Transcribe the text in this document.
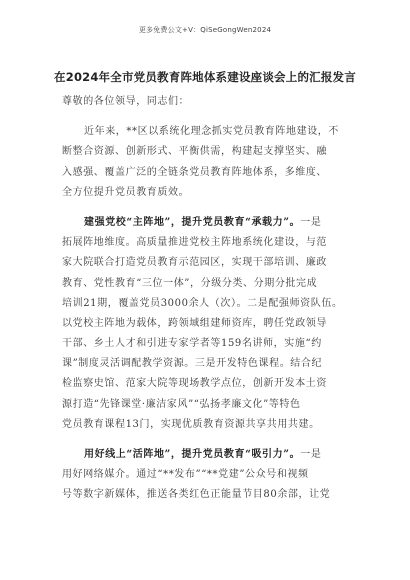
更多免费公文+V：QiSeGongWen2024
在2024年全市党员教育阵地体系建设座谈会上的汇报发言
尊敬的各位领导，同志们：
近年来，**区以系统化理念抓实党员教育阵地建设，不
断整合资源、创新形式、平衡供需，构建起支撑坚实、融
入感强、覆盖广泛的全链条党员教育阵地体系，多维度、
全方位提升党员教育质效。
建强党校“主阵地”，提升党员教育“承载力”。一是
拓展阵地维度。高质量推进党校主阵地系统化建设，与范
家大院联合打造党员教育示范园区，实现干部培训、廉政
教育、党性教育“三位一体”，分级分类、分期分批完成
培训21期，覆盖党员3000余人（次）。二是配强师资队伍。
以党校主阵地为载体，跨领域组建师资库，聘任党政领导
干部、乡土人才和引进专家学者等159名讲师，实施“约
课”制度灵活调配教学资源。三是开发特色课程。结合纪
检监察史馆、范家大院等现场教学点位，创新开发本土资
源打造“先锋课堂·廉洁家风”“弘扬孝廉文化”等特色
党员教育课程13门，实现优质教育资源共享共用共建。
用好线上“活阵地”，提升党员教育“吸引力”。一是
用好网络媒介。通过“**发布”“**党建”公众号和视频
号等数字新媒体，推送各类红色正能量节目80余部，让党
